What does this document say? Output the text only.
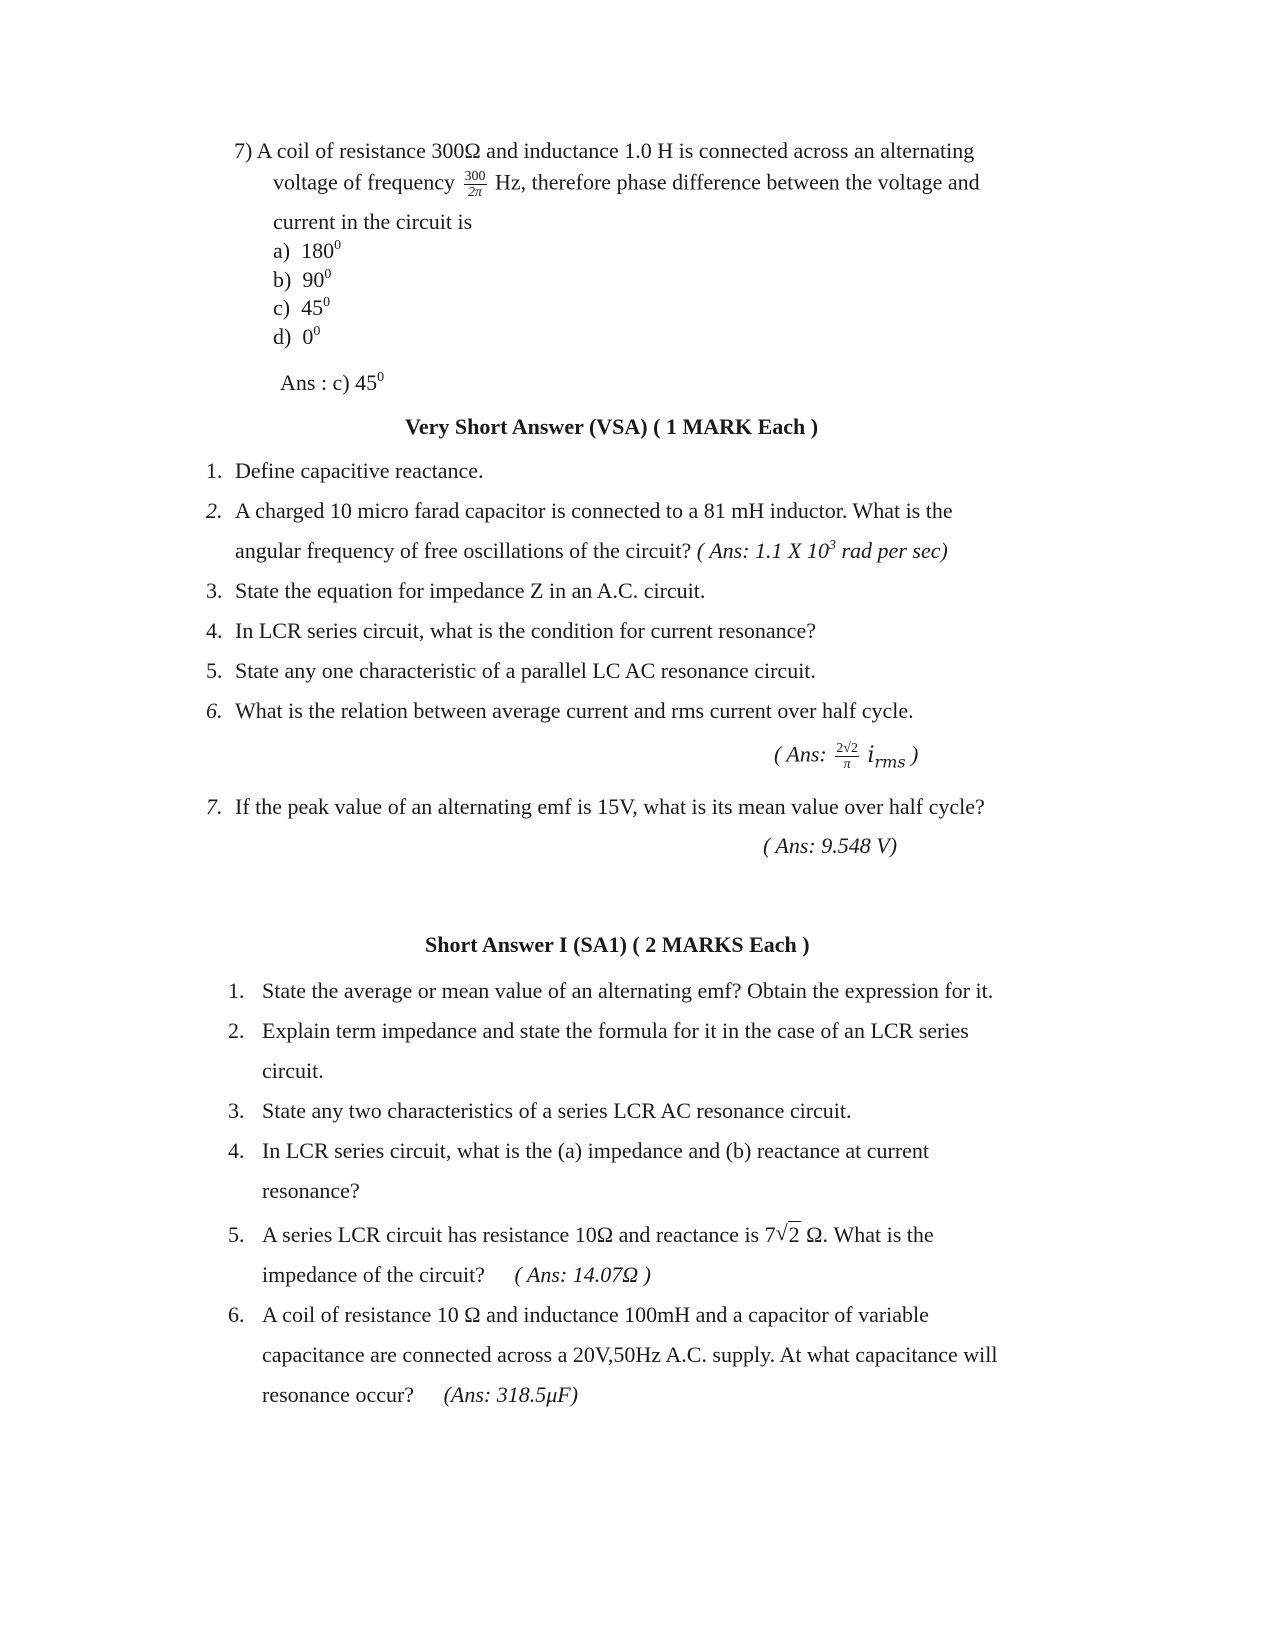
7) A coil of resistance 300Ω and inductance 1.0 H is connected across an alternating
voltage of frequency $\frac{300}{2\pi} Hz$, therefore phase difference between the voltage and
current in the circuit is
a) $180^0$
b) $90^0$
c) $45^0$
d) $0^0$
Ans : c) $45^0$
Very Short Answer (VSA) ( 1 MARK Each )
1. Define capacitive reactance.
2. A charged 10 micro farad capacitor is connected to a 81 mH inductor. What is the
angular frequency of free oscillations of the circuit? ( Ans: 1.1 X $10^3$ rad per sec)
3. State the equation for impedance Z in an A.C. circuit.
4. In LCR series circuit, what is the condition for current resonance?
5. State any one characteristic of a parallel LC AC resonance circuit.
6. What is the relation between average current and rms current over half cycle.
( Ans: $\frac{2√2}{\pi} i_{rms}$ )
7. If the peak value of an alternating emf is 15V, what is its mean value over half cycle?
( Ans: 9.548 V)
Short Answer I (SA1) ( 2 MARKS Each )
1. State the average or mean value of an alternating emf? Obtain the expression for it.
2. Explain term impedance and state the formula for it in the case of an LCR series
circuit.
3. State any two characteristics of a series LCR AC resonance circuit.
4. In LCR series circuit, what is the (a) impedance and (b) reactance at current
resonance?
5. A series LCR circuit has resistance 10Ω and reactance is 7√ 2 Ω. What is the
impedance of the circuit? ( Ans: 14.07Ω )
6. A coil of resistance 10 Ω and inductance 100mH and a capacitor of variable
capacitance are connected across a 20V,50Hz A.C. supply. At what capacitance will
resonance occur? (Ans: 318.5μF)
